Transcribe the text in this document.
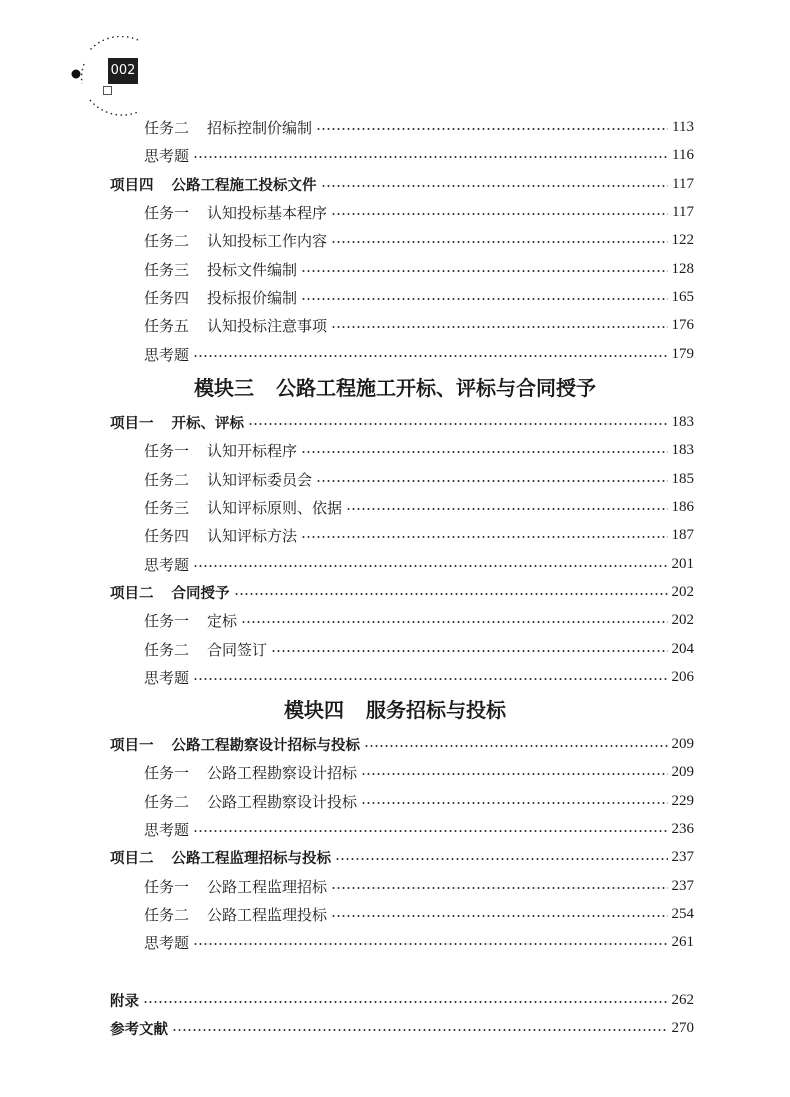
002
任务二 招标控制价编制	113
思考题	116
项目四 公路工程施工投标文件	117
任务一 认知投标基本程序	117
任务二 认知投标工作内容	122
任务三 投标文件编制	128
任务四 投标报价编制	165
任务五 认知投标注意事项	176
思考题	179
模块三 公路工程施工开标、评标与合同授予
项目一 开标、评标	183
任务一 认知开标程序	183
任务二 认知评标委员会	185
任务三 认知评标原则、依据	186
任务四 认知评标方法	187
思考题	201
项目二 合同授予	202
任务一 定标	202
任务二 合同签订	204
思考题	206
模块四 服务招标与投标
项目一 公路工程勘察设计招标与投标	209
任务一 公路工程勘察设计招标	209
任务二 公路工程勘察设计投标	229
思考题	236
项目二 公路工程监理招标与投标	237
任务一 公路工程监理招标	237
任务二 公路工程监理投标	254
思考题	261
附录	262
参考文献	270
